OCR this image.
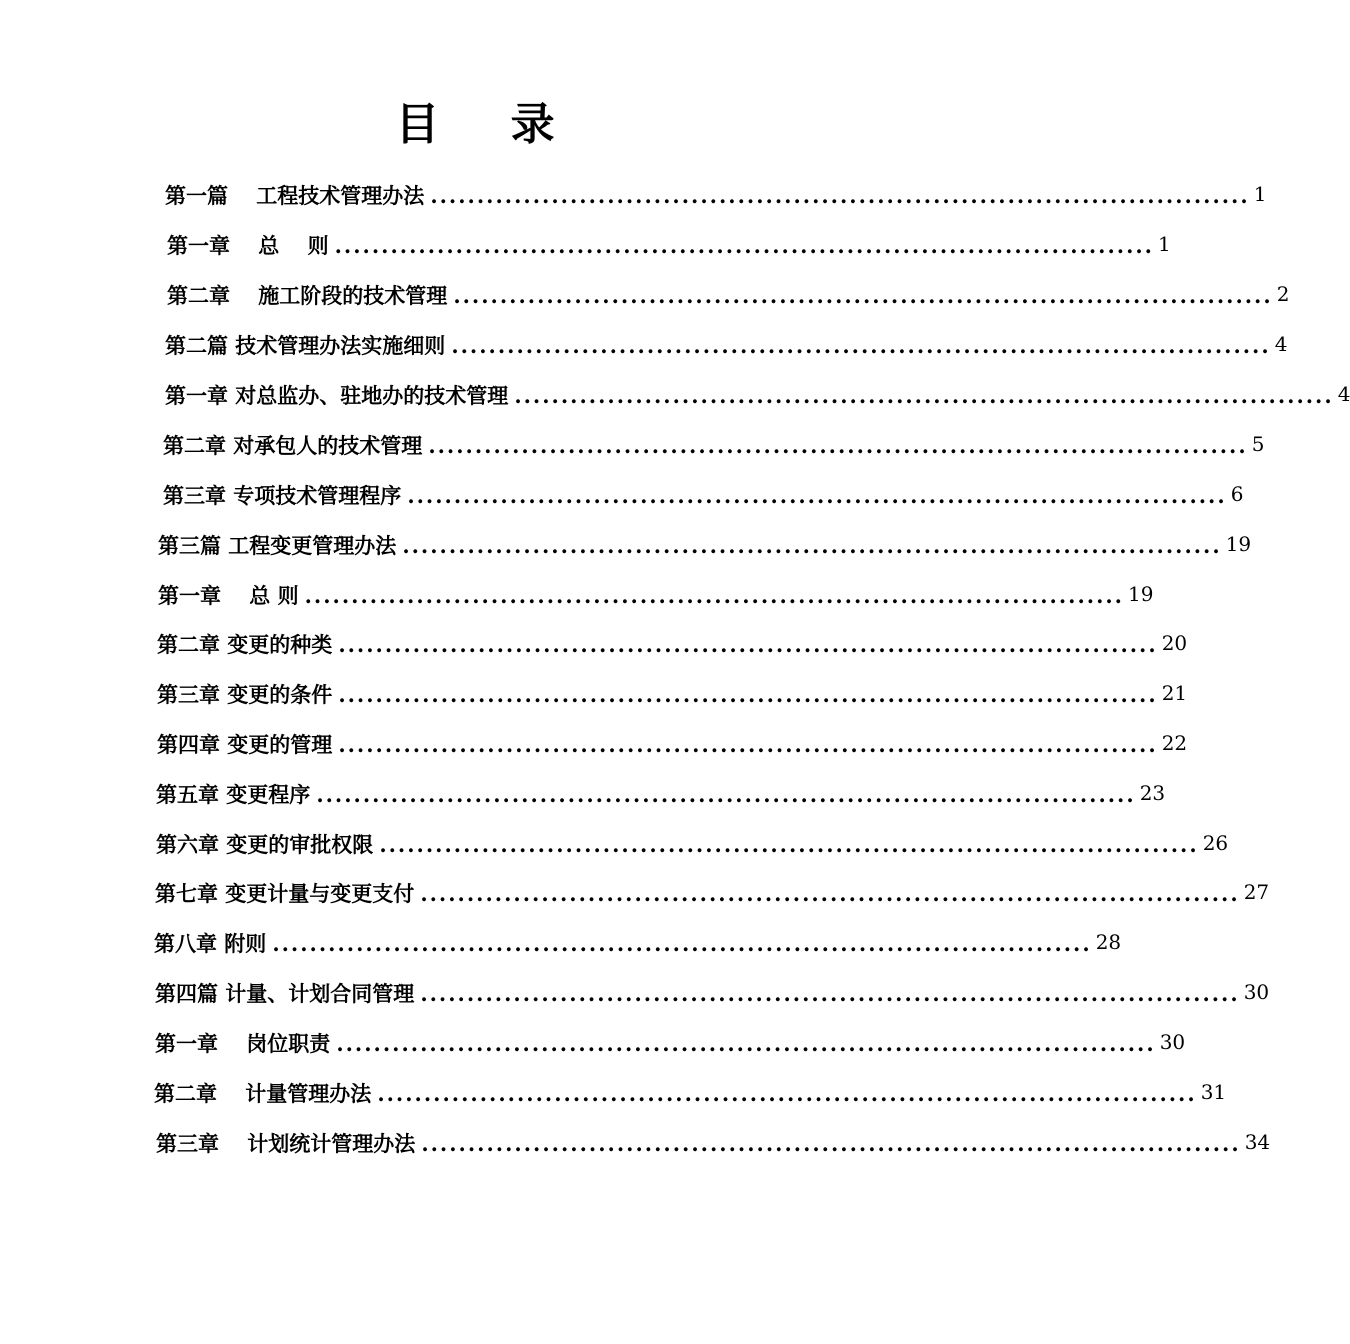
目 录
第一篇　 工程技术管理办法 ........................................................................................ 1
第一章　 总　 则 ........................................................................................ 1
第二章　 施工阶段的技术管理 ........................................................................................ 2
第二篇 技术管理办法实施细则 ........................................................................................ 4
第一章 对总监办、驻地办的技术管理 ........................................................................................ 4
第二章 对承包人的技术管理 ........................................................................................ 5
第三章 专项技术管理程序 ........................................................................................ 6
第三篇 工程变更管理办法 ........................................................................................ 19
第一章　 总 则 ........................................................................................ 19
第二章 变更的种类 ........................................................................................ 20
第三章 变更的条件 ........................................................................................ 21
第四章 变更的管理 ........................................................................................ 22
第五章 变更程序 ........................................................................................ 23
第六章 变更的审批权限 ........................................................................................ 26
第七章 变更计量与变更支付 ........................................................................................ 27
第八章 附则 ........................................................................................ 28
第四篇 计量、计划合同管理 ........................................................................................ 30
第一章　 岗位职责 ........................................................................................ 30
第二章　 计量管理办法 ........................................................................................ 31
第三章　 计划统计管理办法 ........................................................................................ 34
